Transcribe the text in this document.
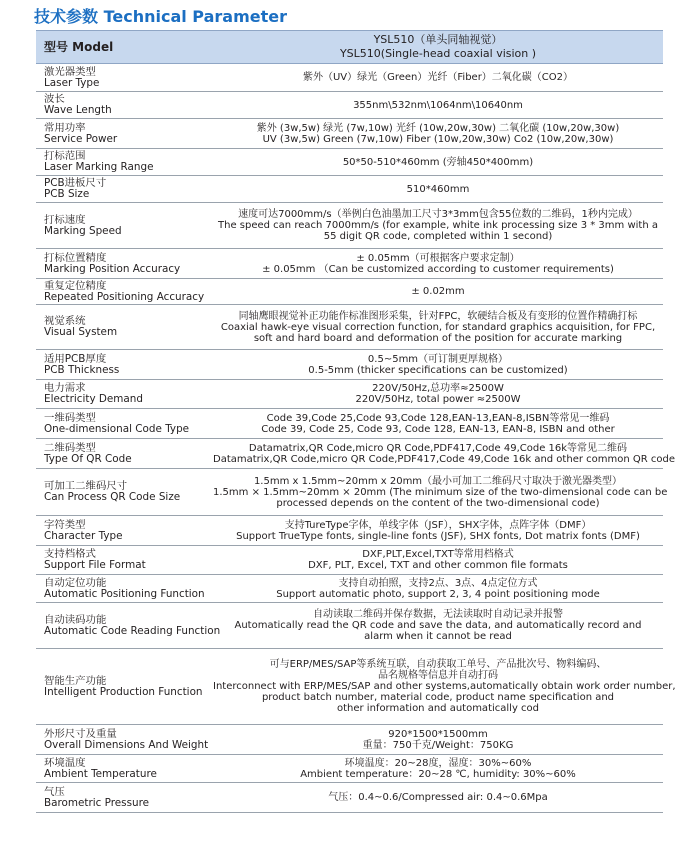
技术参数 Technical Parameter
型号 Model	YSL510（单头同轴视觉）
YSL510(Single-head coaxial vision )

激光器类型
Laser Type	紫外（UV）绿光（Green）光纤（Fiber）二氧化碳（CO2）

波长
Wave Length	355nm\532nm\1064nm\10640nm

常用功率
Service Power	紫外 (3w,5w) 绿光 (7w,10w) 光纤 (10w,20w,30w) 二氧化碳 (10w,20w,30w)
UV (3w,5w) Green (7w,10w) Fiber (10w,20w,30w) Co2 (10w,20w,30w)

打标范围
Laser Marking Range	50*50-510*460mm (旁轴450*400mm)

PCB进板尺寸
PCB Size	510*460mm

打标速度
Marking Speed	速度可达7000mm/s（举例白色油墨加工尺寸3*3mm包含55位数的二维码，1秒内完成）
The speed can reach 7000mm/s (for example, white ink processing size 3 * 3mm with a
55 digit QR code, completed within 1 second)

打标位置精度
Marking Position Accuracy	± 0.05mm（可根据客户要求定制）
± 0.05mm （Can be customized according to customer requirements)

重复定位精度
Repeated Positioning Accuracy	± 0.02mm

视觉系统
Visual System	同轴鹰眼视觉补正功能作标准图形采集，针对FPC，软硬结合板及有变形的位置作精确打标
Coaxial hawk-eye visual correction function, for standard graphics acquisition, for FPC,
soft and hard board and deformation of the position for accurate marking

适用PCB厚度
PCB Thickness	0.5~5mm（可订制更厚规格）
0.5-5mm (thicker specifications can be customized)

电力需求
Electricity Demand	220V/50Hz,总功率≈2500W
220V/50Hz, total power ≈2500W

一维码类型
One-dimensional Code Type	Code 39,Code 25,Code 93,Code 128,EAN-13,EAN-8,ISBN等常见一维码
Code 39, Code 25, Code 93, Code 128, EAN-13, EAN-8, ISBN and other

二维码类型
Type Of QR Code	Datamatrix,QR Code,micro QR Code,PDF417,Code 49,Code 16k等常见二维码
Datamatrix,QR Code,micro QR Code,PDF417,Code 49,Code 16k and other common QR code

可加工二维码尺寸
Can Process QR Code Size	1.5mm x 1.5mm~20mm x 20mm（最小可加工二维码尺寸取决于激光器类型）
1.5mm × 1.5mm~20mm × 20mm (The minimum size of the two-dimensional code can be
processed depends on the content of the two-dimensional code)

字符类型
Character Type	支持TureType字体，单线字体（JSF），SHX字体，点阵字体（DMF）
Support TrueType fonts, single-line fonts (JSF), SHX fonts, Dot matrix fonts (DMF)

支持档格式
Support File Format	DXF,PLT,Excel,TXT等常用档格式
DXF, PLT, Excel, TXT and other common file formats

自动定位功能
Automatic Positioning Function	支持自动拍照，支持2点、3点、4点定位方式
Support automatic photo, support 2, 3, 4 point positioning mode

自动读码功能
Automatic Code Reading Function	自动读取二维码并保存数据，无法读取时自动记录并报警
Automatically read the QR code and save the data, and automatically record and
alarm when it cannot be read

智能生产功能
Intelligent Production Function	可与ERP/MES/SAP等系统互联，自动获取工单号、产品批次号、物料编码、
品名规格等信息并自动打码
Interconnect with ERP/MES/SAP and other systems,automatically obtain work order number,
product batch number, material code, product name specification and
other information and automatically cod

外形尺寸及重量
Overall Dimensions And Weight	920*1500*1500mm
重量：750千克/Weight：750KG

环境温度
Ambient Temperature	环境温度：20~28度，湿度：30%~60%
Ambient temperature：20~28 ℃, humidity: 30%~60%

气压
Barometric Pressure	气压：0.4~0.6/Compressed air: 0.4~0.6Mpa
